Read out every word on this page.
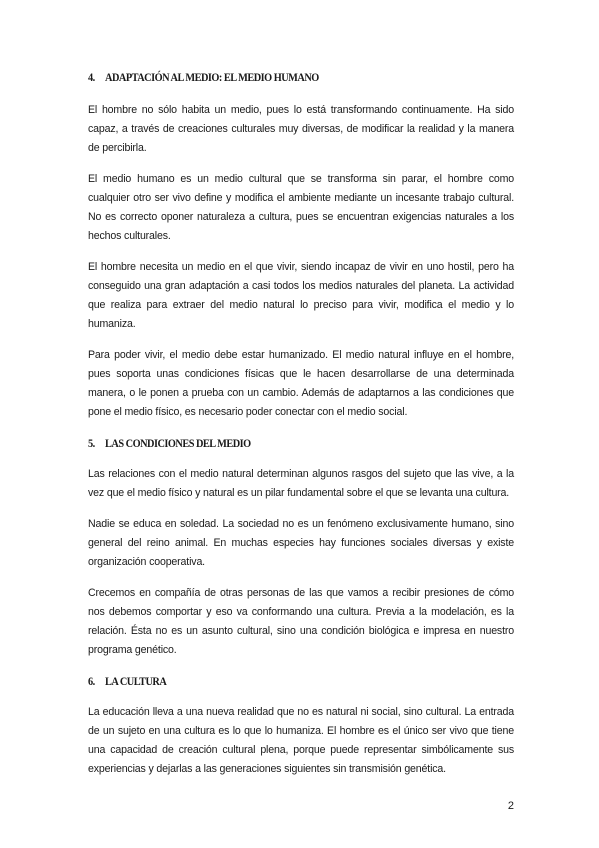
4. ADAPTACIÓN AL MEDIO: EL MEDIO HUMANO

El hombre no sólo habita un medio, pues lo está transformando continuamente. Ha sido capaz, a través de creaciones culturales muy diversas, de modificar la realidad y la manera de percibirla.

El medio humano es un medio cultural que se transforma sin parar, el hombre como cualquier otro ser vivo define y modifica el ambiente mediante un incesante trabajo cultural. No es correcto oponer naturaleza a cultura, pues se encuentran exigencias naturales a los hechos culturales.

El hombre necesita un medio en el que vivir, siendo incapaz de vivir en uno hostil, pero ha conseguido una gran adaptación a casi todos los medios naturales del planeta. La actividad que realiza para extraer del medio natural lo preciso para vivir, modifica el medio y lo humaniza.

Para poder vivir, el medio debe estar humanizado. El medio natural influye en el hombre, pues soporta unas condiciones físicas que le hacen desarrollarse de una determinada manera, o le ponen a prueba con un cambio. Además de adaptarnos a las condiciones que pone el medio físico, es necesario poder conectar con el medio social.

5. LAS CONDICIONES DEL MEDIO

Las relaciones con el medio natural determinan algunos rasgos del sujeto que las vive, a la vez que el medio físico y natural es un pilar fundamental sobre el que se levanta una cultura.

Nadie se educa en soledad. La sociedad no es un fenómeno exclusivamente humano, sino general del reino animal. En muchas especies hay funciones sociales diversas y existe organización cooperativa.

Crecemos en compañía de otras personas de las que vamos a recibir presiones de cómo nos debemos comportar y eso va conformando una cultura. Previa a la modelación, es la relación. Ésta no es un asunto cultural, sino una condición biológica e impresa en nuestro programa genético.

6. LA CULTURA

La educación lleva a una nueva realidad que no es natural ni social, sino cultural. La entrada de un sujeto en una cultura es lo que lo humaniza. El hombre es el único ser vivo que tiene una capacidad de creación cultural plena, porque puede representar simbólicamente sus experiencias y dejarlas a las generaciones siguientes sin transmisión genética.

2
